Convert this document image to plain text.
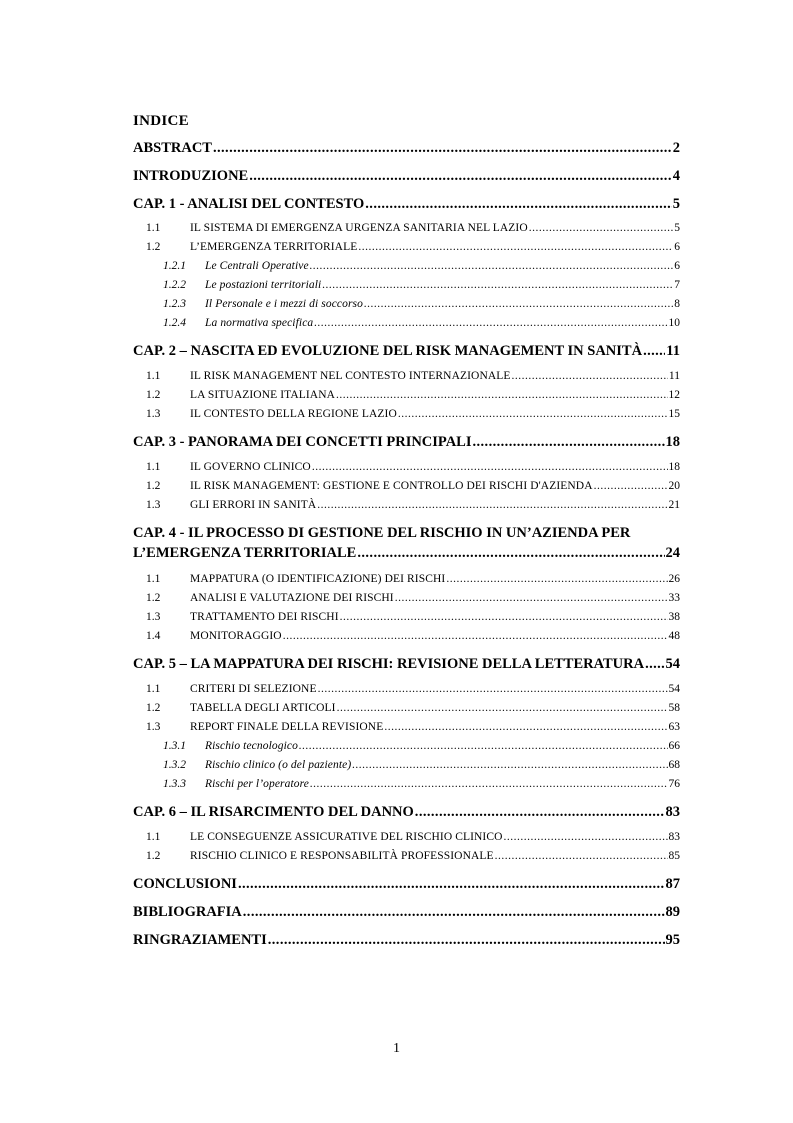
INDICE
ABSTRACT .....	2
INTRODUZIONE .....	4
CAP. 1 - ANALISI DEL CONTESTO .....	5
1.1	IL SISTEMA DI EMERGENZA URGENZA SANITARIA NEL LAZIO .....	5
1.2	L’EMERGENZA TERRITORIALE .....	6
1.2.1	Le Centrali Operative .....	6
1.2.2	Le postazioni territoriali .....	7
1.2.3	Il Personale e i mezzi di soccorso .....	8
1.2.4	La normativa specifica .....	10
CAP. 2 – NASCITA ED EVOLUZIONE DEL RISK MANAGEMENT IN SANITÀ ..... 11
1.1	IL RISK MANAGEMENT NEL CONTESTO INTERNAZIONALE .....	11
1.2	LA SITUAZIONE ITALIANA .....	12
1.3	IL CONTESTO DELLA REGIONE LAZIO .....	15
CAP. 3 - PANORAMA DEI CONCETTI PRINCIPALI .....	18
1.1	IL GOVERNO CLINICO .....	18
1.2	IL RISK MANAGEMENT: GESTIONE E CONTROLLO DEI RISCHI D'AZIENDA .....	20
1.3	GLI ERRORI IN SANITÀ .....	21
CAP. 4 - IL PROCESSO DI GESTIONE DEL RISCHIO IN UN’AZIENDA PER
L’EMERGENZA TERRITORIALE .....	24
1.1	MAPPATURA (O IDENTIFICAZIONE) DEI RISCHI .....	26
1.2	ANALISI E VALUTAZIONE DEI RISCHI .....	33
1.3	TRATTAMENTO DEI RISCHI .....	38
1.4	MONITORAGGIO .....	48
CAP. 5 – LA MAPPATURA DEI RISCHI: REVISIONE DELLA LETTERATURA ..... 54
1.1	CRITERI DI SELEZIONE .....	54
1.2	TABELLA DEGLI ARTICOLI .....	58
1.3	REPORT FINALE DELLA REVISIONE .....	63
1.3.1	Rischio tecnologico .....	66
1.3.2	Rischio clinico (o del paziente) .....	68
1.3.3	Rischi per l’operatore .....	76
CAP. 6 – IL RISARCIMENTO DEL DANNO .....	83
1.1	LE CONSEGUENZE ASSICURATIVE DEL RISCHIO CLINICO .....	83
1.2	RISCHIO CLINICO E RESPONSABILITÀ PROFESSIONALE .....	85
CONCLUSIONI .....	87
BIBLIOGRAFIA .....	89
RINGRAZIAMENTI .....	95
1
